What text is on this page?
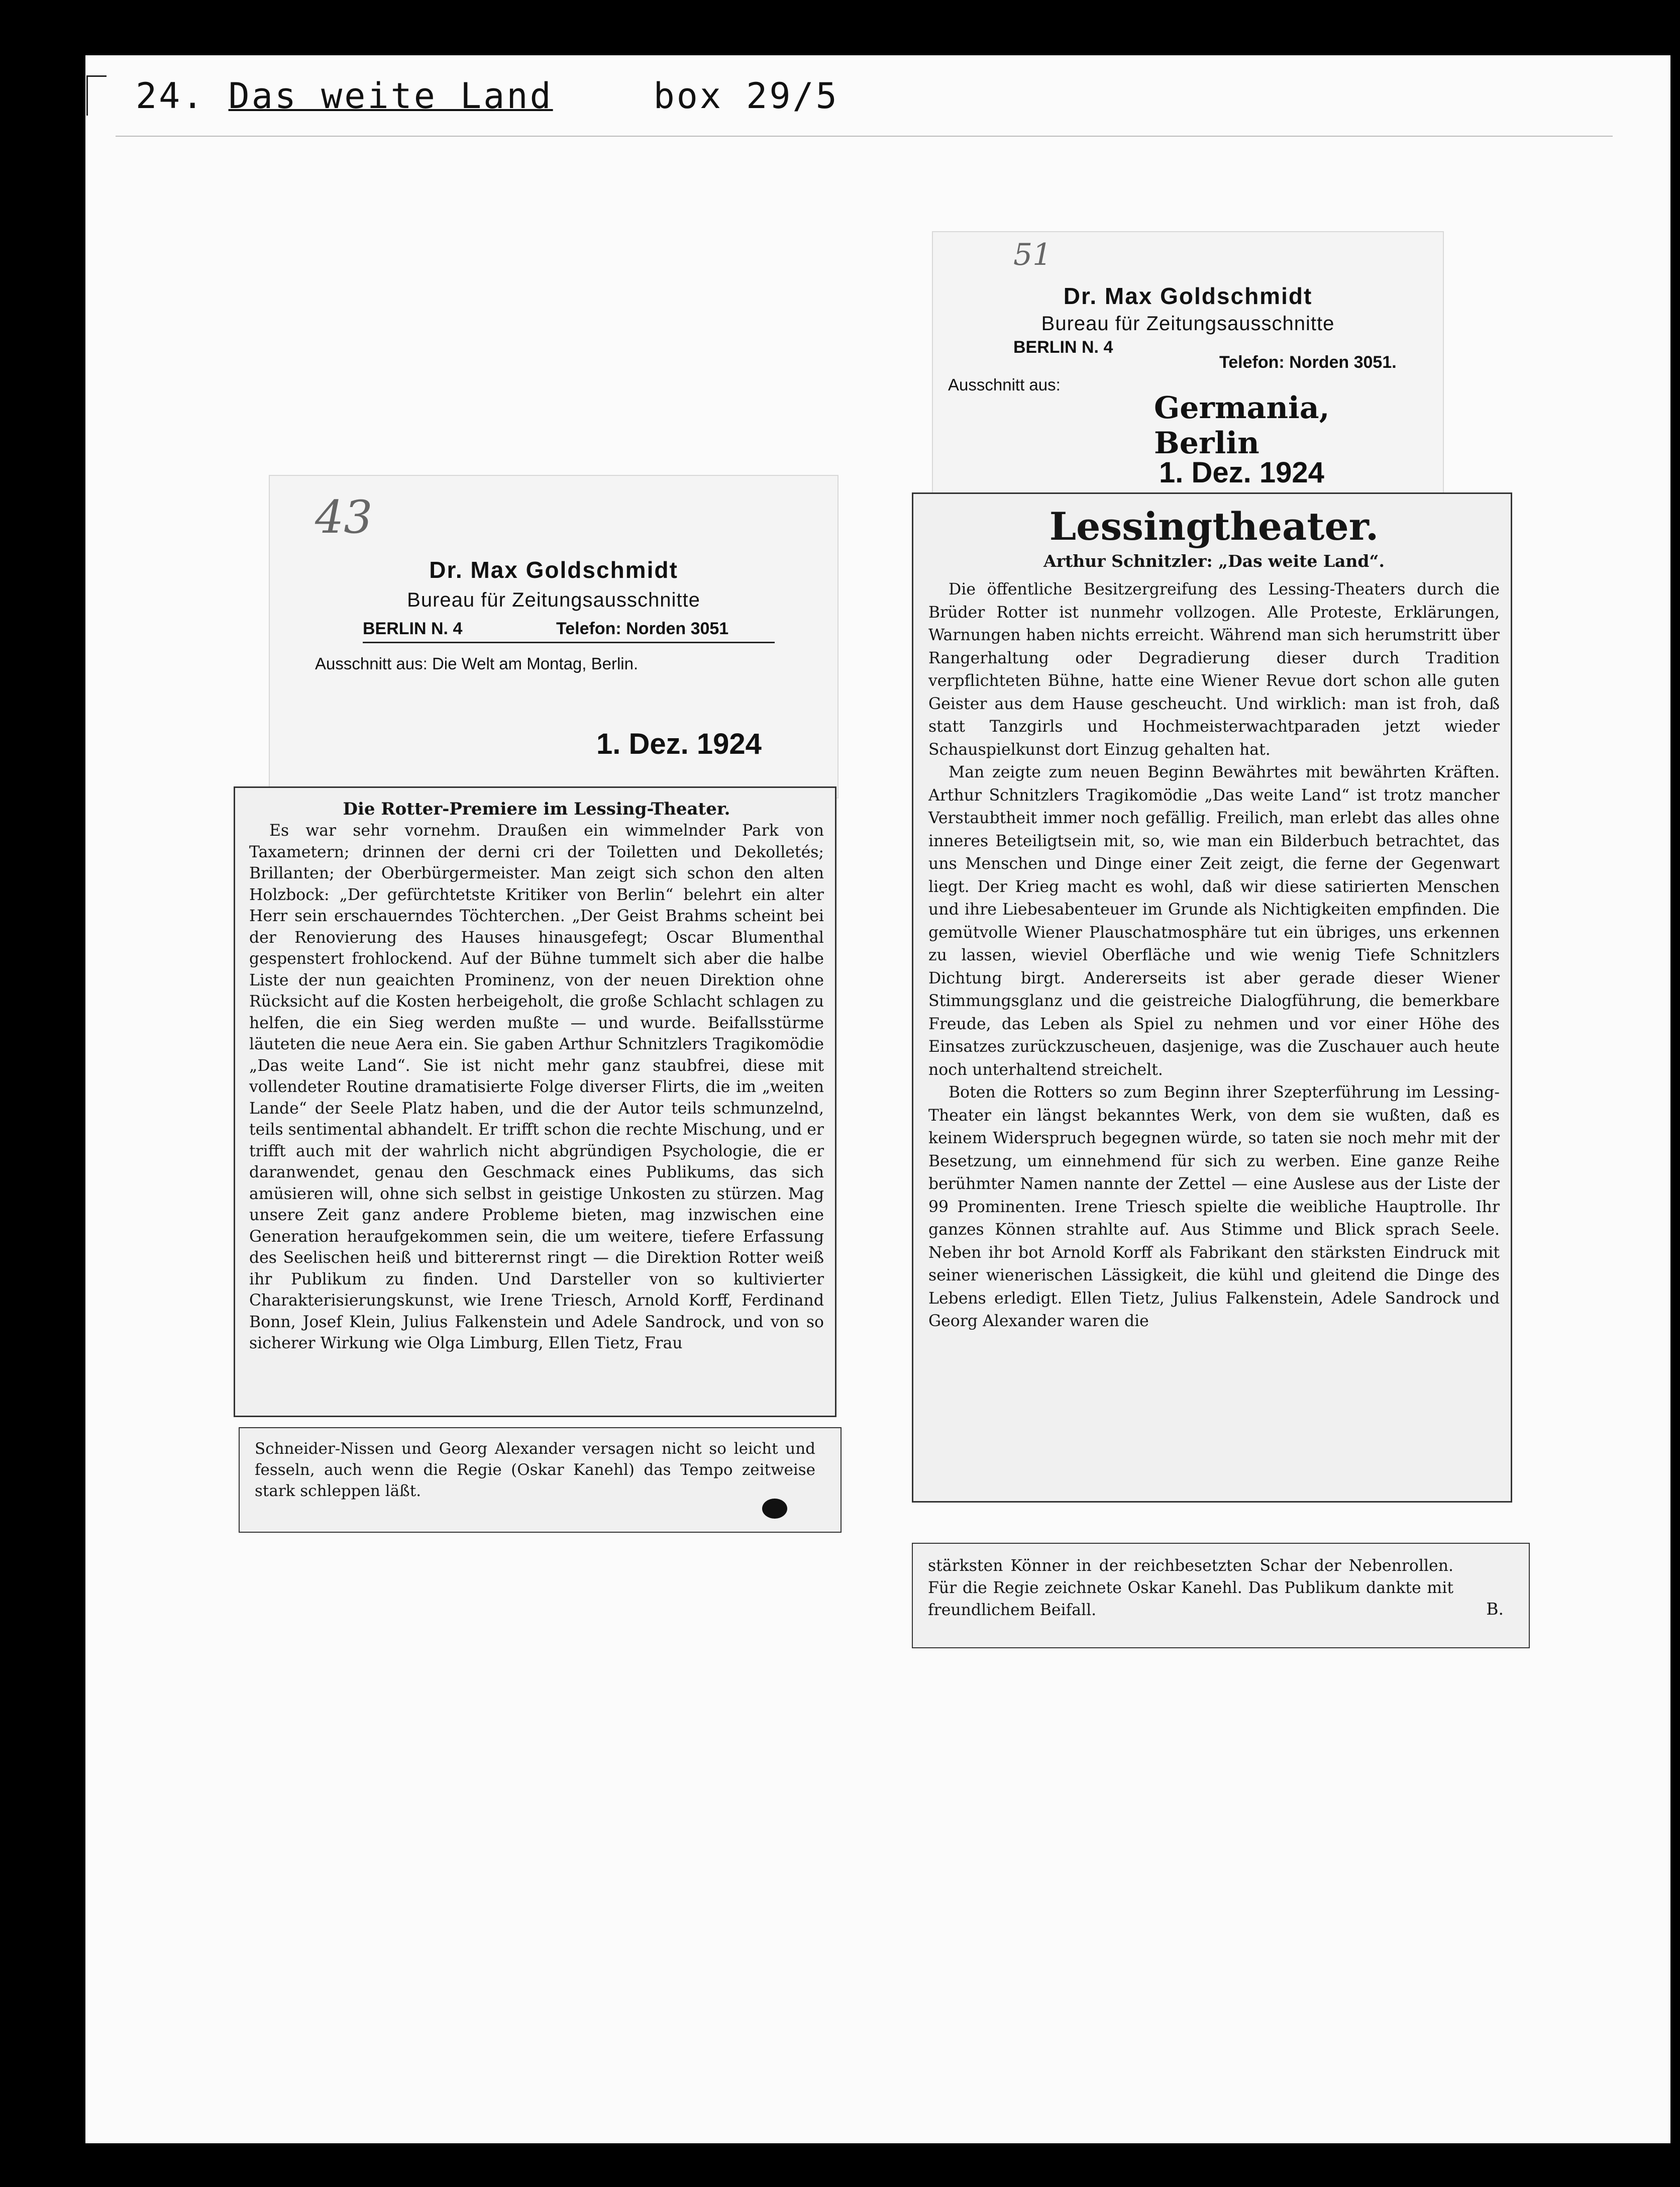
24. Das weite Land	box 29/5
43
Dr. Max Goldschmidt
Bureau für Zeitungsausschnitte
BERLIN N. 4	Telefon: Norden 3051
Ausschnitt aus: Die Welt am Montag, Berlin.
1. Dez. 1924
Die Rotter-Premiere im Lessing-Theater.

Es war sehr vornehm. Draußen ein wimmelnder Park von Taxametern; drinnen der derni cri der Toiletten und Dekolletés; Brillanten; der Oberbürgermeister. Man zeigt sich schon den alten Holzbock: „Der gefürchtetste Kritiker von Berlin“ belehrt ein alter Herr sein erschauerndes Töchterchen. „Der Geist Brahms scheint bei der Renovierung des Hauses hinausgefegt; Oscar Blumenthal gespenstert frohlockend. Auf der Bühne tummelt sich aber die halbe Liste der nun geaichten Prominenz, von der neuen Direktion ohne Rücksicht auf die Kosten herbeigeholt, die große Schlacht schlagen zu helfen, die ein Sieg werden mußte — und wurde. Beifallsstürme läuteten die neue Aera ein. Sie gaben Arthur Schnitzlers Tragikomödie „Das weite Land“. Sie ist nicht mehr ganz staubfrei, diese mit vollendeter Routine dramatisierte Folge diverser Flirts, die im „weiten Lande“ der Seele Platz haben, und die der Autor teils schmunzelnd, teils sentimental abhandelt. Er trifft schon die rechte Mischung, und er trifft auch mit der wahrlich nicht abgründigen Psychologie, die er daranwendet, genau den Geschmack eines Publikums, das sich amüsieren will, ohne sich selbst in geistige Unkosten zu stürzen. Mag unsere Zeit ganz andere Probleme bieten, mag inzwischen eine Generation heraufgekommen sein, die um weitere, tiefere Erfassung des Seelischen heiß und bitterernst ringt — die Direktion Rotter weiß ihr Publikum zu finden. Und Darsteller von so kultivierter Charakterisierungskunst, wie Irene Triesch, Arnold Korff, Ferdinand Bonn, Josef Klein, Julius Falkenstein und Adele Sandrock, und von so sicherer Wirkung wie Olga Limburg, Ellen Tietz, Frau

Schneider-Nissen und Georg Alexander versagen nicht so leicht und fesseln, auch wenn die Regie (Oskar Kanehl) das Tempo zeitweise stark schleppen läßt.
51
Dr. Max Goldschmidt
Bureau für Zeitungsausschnitte
BERLIN N. 4
Telefon: Norden 3051.
Ausschnitt aus:
Germania, Berlin
1. Dez. 1924
Lessingtheater.
Arthur Schnitzler: „Das weite Land“.

Die öffentliche Besitzergreifung des Lessing-Theaters durch die Brüder Rotter ist nunmehr vollzogen. Alle Proteste, Erklärungen, Warnungen haben nichts erreicht. Während man sich herumstritt über Rangerhaltung oder Degradierung dieser durch Tradition verpflichteten Bühne, hatte eine Wiener Revue dort schon alle guten Geister aus dem Hause gescheucht. Und wirklich: man ist froh, daß statt Tanzgirls und Hochmeisterwachtparaden jetzt wieder Schauspielkunst dort Einzug gehalten hat.

Man zeigte zum neuen Beginn Bewährtes mit bewährten Kräften. Arthur Schnitzlers Tragikomödie „Das weite Land“ ist trotz mancher Verstaubtheit immer noch gefällig. Freilich, man erlebt das alles ohne inneres Beteiligtsein mit, so, wie man ein Bilderbuch betrachtet, das uns Menschen und Dinge einer Zeit zeigt, die ferne der Gegenwart liegt. Der Krieg macht es wohl, daß wir diese satirierten Menschen und ihre Liebesabenteuer im Grunde als Nichtigkeiten empfinden. Die gemütvolle Wiener Plauschatmosphäre tut ein übriges, uns erkennen zu lassen, wieviel Oberfläche und wie wenig Tiefe Schnitzlers Dichtung birgt. Andererseits ist aber gerade dieser Wiener Stimmungsglanz und die geistreiche Dialogführung, die bemerkbare Freude, das Leben als Spiel zu nehmen und vor einer Höhe des Einsatzes zurückzuscheuen, dasjenige, was die Zuschauer auch heute noch unterhaltend streichelt.

Boten die Rotters so zum Beginn ihrer Szepterführung im Lessing-Theater ein längst bekanntes Werk, von dem sie wußten, daß es keinem Widerspruch begegnen würde, so taten sie noch mehr mit der Besetzung, um einnehmend für sich zu werben. Eine ganze Reihe berühmter Namen nannte der Zettel — eine Auslese aus der Liste der 99 Prominenten. Irene Triesch spielte die weibliche Hauptrolle. Ihr ganzes Können strahlte auf. Aus Stimme und Blick sprach Seele. Neben ihr bot Arnold Korff als Fabrikant den stärksten Eindruck mit seiner wienerischen Lässigkeit, die kühl und gleitend die Dinge des Lebens erledigt. Ellen Tietz, Julius Falkenstein, Adele Sandrock und Georg Alexander waren die

stärksten Könner in der reichbesetzten Schar der Nebenrollen. Für die Regie zeichnete Oskar Kanehl. Das Publikum dankte mit freundlichem Beifall.	B.
